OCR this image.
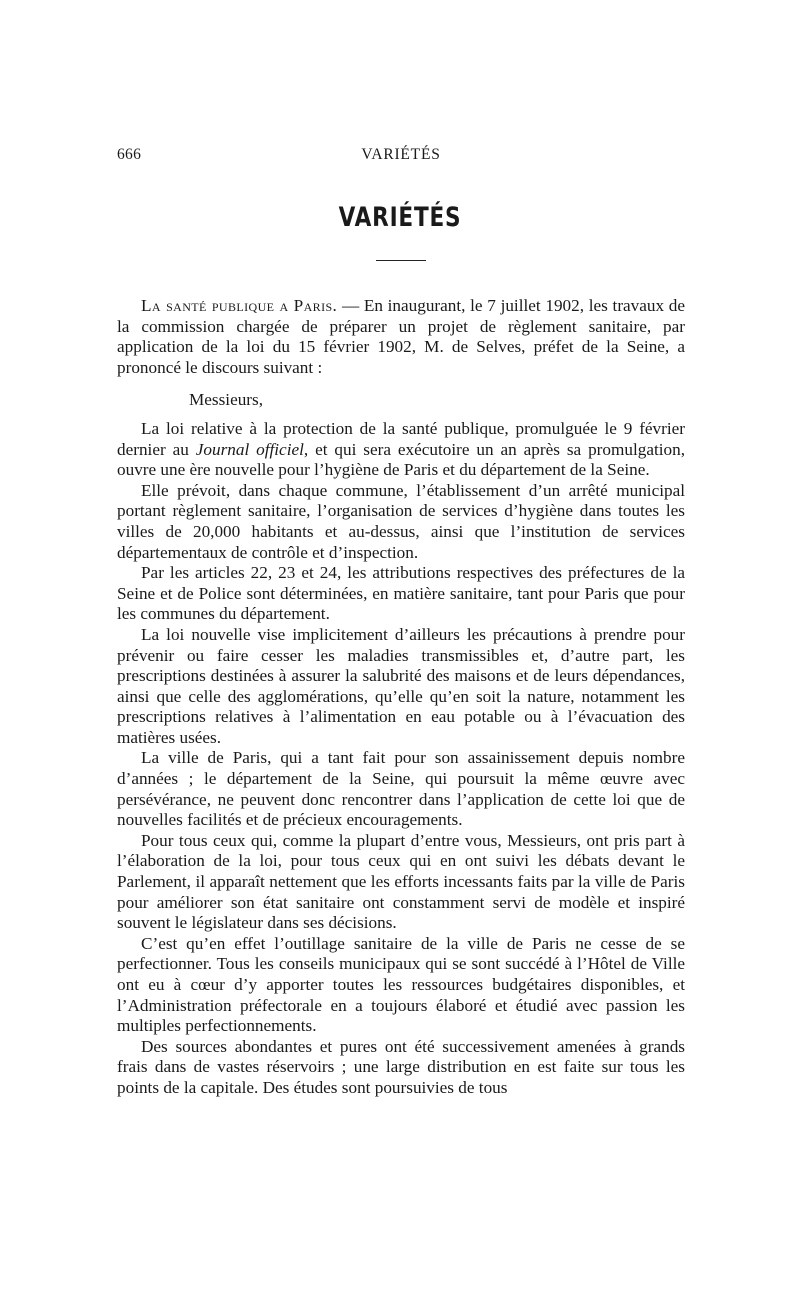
666	VARIÉTÉS
VARIÉTÉS

La santé publique a Paris. — En inaugurant, le 7 juillet 1902, les travaux de la commission chargée de préparer un projet de règlement sanitaire, par application de la loi du 15 février 1902, M. de Selves, préfet de la Seine, a prononcé le discours suivant :

Messieurs,

La loi relative à la protection de la santé publique, promulguée le 9 février dernier au Journal officiel, et qui sera exécutoire un an après sa promulgation, ouvre une ère nouvelle pour l’hygiène de Paris et du département de la Seine.

Elle prévoit, dans chaque commune, l’établissement d’un arrêté municipal portant règlement sanitaire, l’organisation de services d’hygiène dans toutes les villes de 20,000 habitants et au-dessus, ainsi que l’institution de services départementaux de contrôle et d’inspection.

Par les articles 22, 23 et 24, les attributions respectives des préfectures de la Seine et de Police sont déterminées, en matière sanitaire, tant pour Paris que pour les communes du département.

La loi nouvelle vise implicitement d’ailleurs les précautions à prendre pour prévenir ou faire cesser les maladies transmissibles et, d’autre part, les prescriptions destinées à assurer la salubrité des maisons et de leurs dépendances, ainsi que celle des agglomérations, qu’elle qu’en soit la nature, notamment les prescriptions relatives à l’alimentation en eau potable ou à l’évacuation des matières usées.

La ville de Paris, qui a tant fait pour son assainissement depuis nombre d’années ; le département de la Seine, qui poursuit la même œuvre avec persévérance, ne peuvent donc rencontrer dans l’application de cette loi que de nouvelles facilités et de précieux encouragements.

Pour tous ceux qui, comme la plupart d’entre vous, Messieurs, ont pris part à l’élaboration de la loi, pour tous ceux qui en ont suivi les débats devant le Parlement, il apparaît nettement que les efforts incessants faits par la ville de Paris pour améliorer son état sanitaire ont constamment servi de modèle et inspiré souvent le législateur dans ses décisions.

C’est qu’en effet l’outillage sanitaire de la ville de Paris ne cesse de se perfectionner. Tous les conseils municipaux qui se sont succédé à l’Hôtel de Ville ont eu à cœur d’y apporter toutes les ressources budgétaires disponibles, et l’Administration préfectorale en a toujours élaboré et étudié avec passion les multiples perfectionnements.

Des sources abondantes et pures ont été successivement amenées à grands frais dans de vastes réservoirs ; une large distribution en est faite sur tous les points de la capitale. Des études sont poursuivies de tous
